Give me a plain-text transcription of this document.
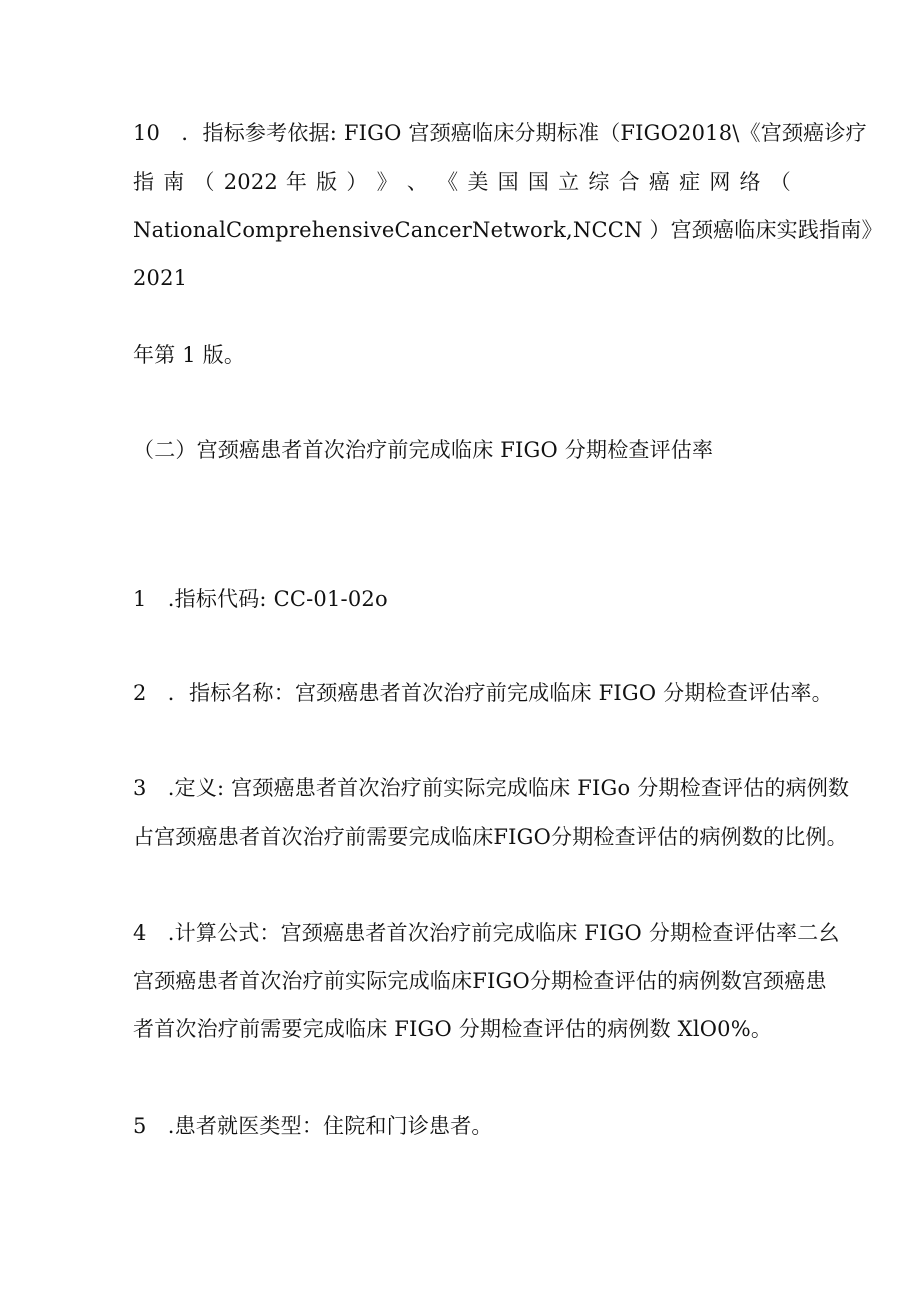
10　．指标参考依据: FIGO 宫颈癌临床分期标准（FIGO2018\《宫颈癌诊疗
指 南 （ 2022 年 版 ） 》 、 《 美 国 国 立 综 合 癌 症 网 络 （
NationalComprehensiveCancerNetwork,NCCN ）宫颈癌临床实践指南》
2021
年第 1 版。
（二）宫颈癌患者首次治疗前完成临床 FIGO 分期检查评估率
1　.指标代码: CC-01-02o
2　．指标名称：宫颈癌患者首次治疗前完成临床 FIGO 分期检查评估率。
3　.定义: 宫颈癌患者首次治疗前实际完成临床 FIGo 分期检查评估的病例数
占宫颈癌患者首次治疗前需要完成临床FIGO分期检查评估的病例数的比例。
4　.计算公式：宫颈癌患者首次治疗前完成临床 FIGO 分期检查评估率二幺
宫颈癌患者首次治疗前实际完成临床FIGO分期检查评估的病例数宫颈癌患
者首次治疗前需要完成临床 FIGO 分期检查评估的病例数 XlO0%。
5　.患者就医类型：住院和门诊患者。
